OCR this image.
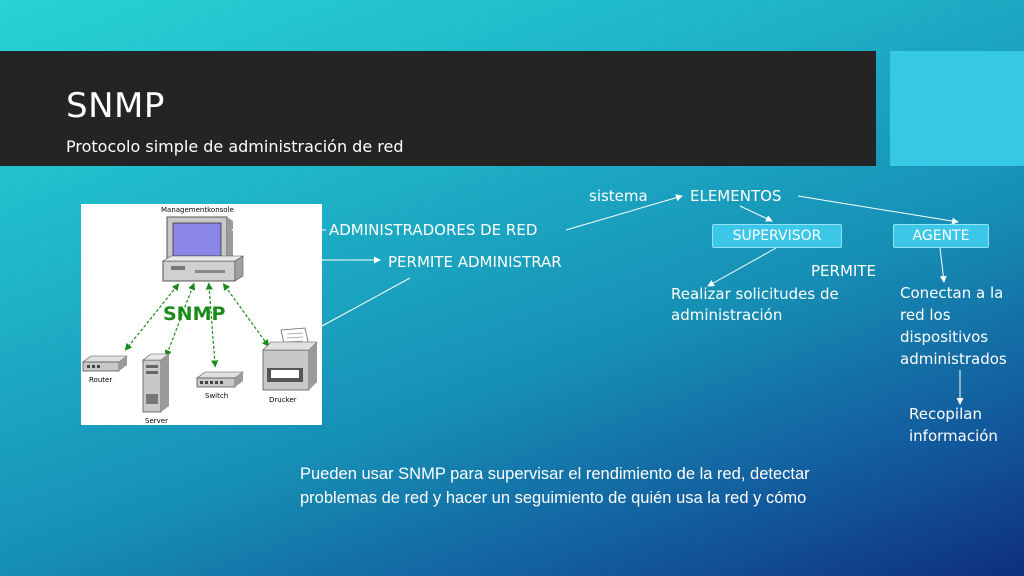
SNMP
Protocolo simple de administración de red
Managementkonsole
SNMP
Router
Server
Switch	Drucker
ADMINISTRADORES DE RED
PERMITE ADMINISTRAR
sistema	ELEMENTOS
SUPERVISOR	AGENTE
PERMITE
Realizar solicitudes de administración
Conectan a la red los dispositivos administrados
Recopilan información
Pueden usar SNMP para supervisar el rendimiento de la red, detectar problemas de red y hacer un seguimiento de quién usa la red y cómo
